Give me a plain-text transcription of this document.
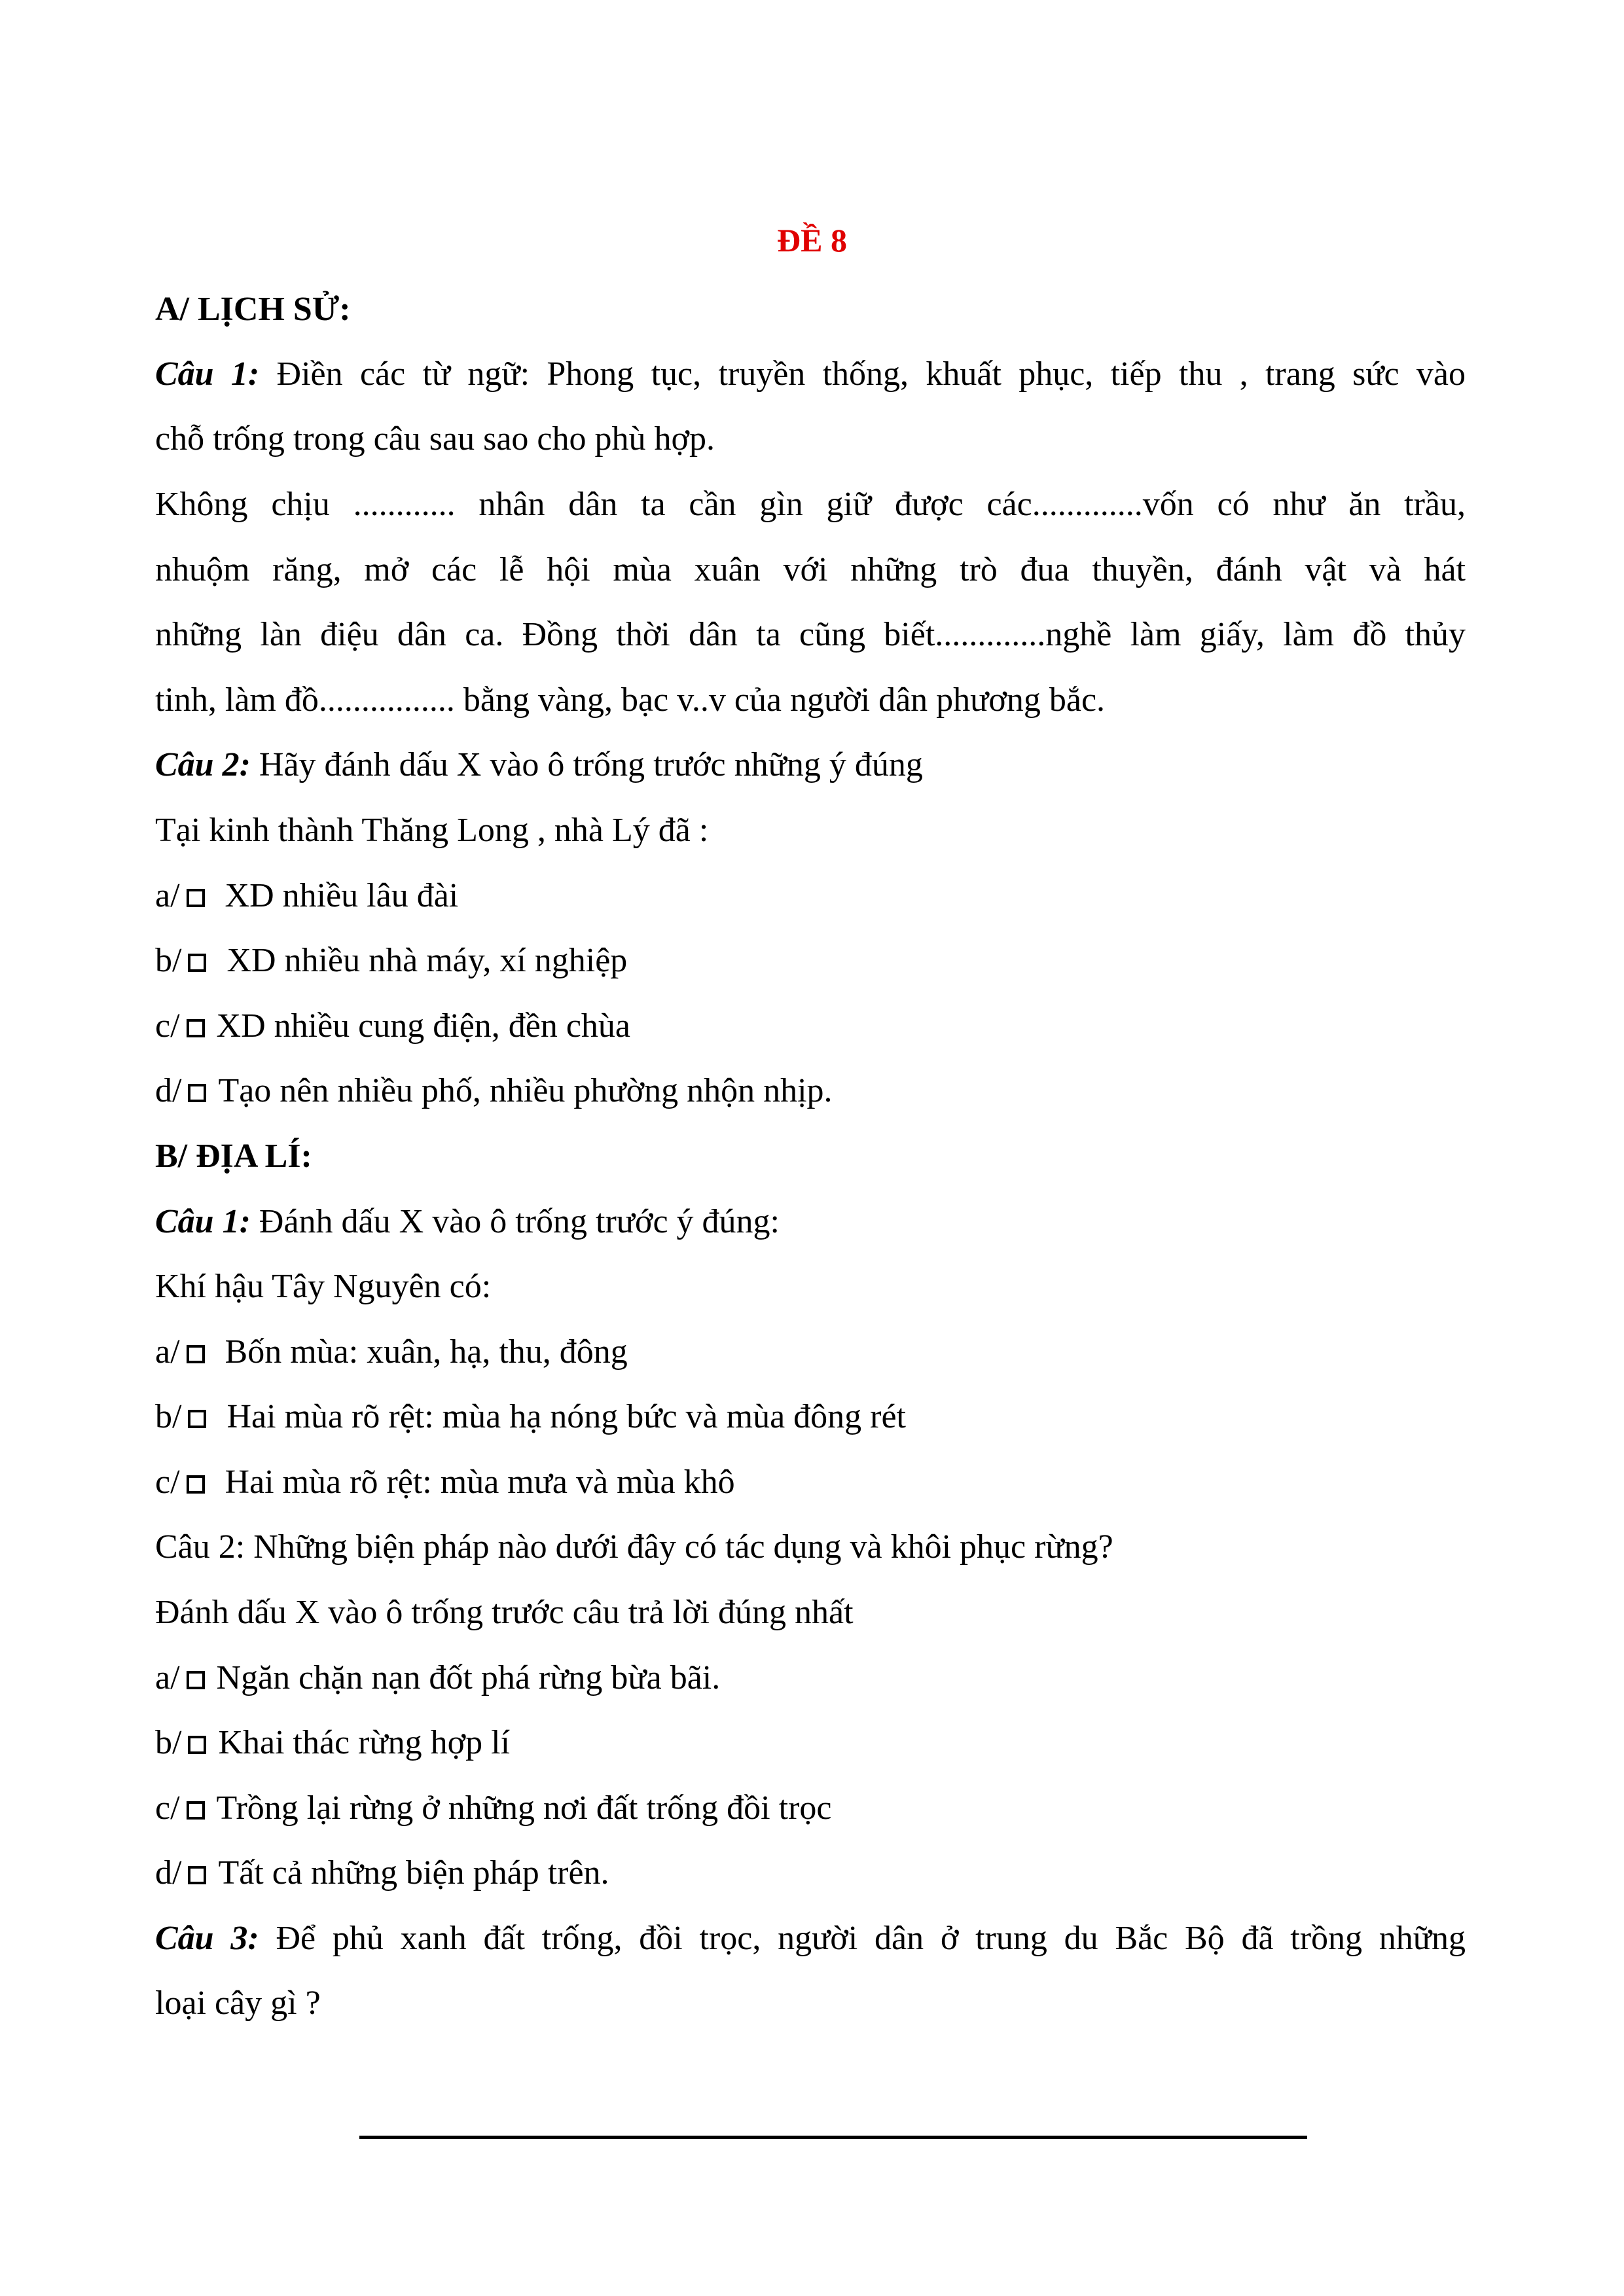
ĐỀ 8
A/ LỊCH SỬ:
Câu 1: Điền các từ ngữ: Phong tục, truyền thống, khuất phục, tiếp thu , trang sức vào
chỗ trống trong câu sau sao cho phù hợp.
Không chịu ............ nhân dân ta cần gìn giữ được các.............vốn có như ăn trầu,
nhuộm răng, mở các lễ hội mùa xuân với những trò đua thuyền, đánh vật và hát
những làn điệu dân ca. Đồng thời dân ta cũng biết.............nghề làm giấy, làm đồ thủy
tinh, làm đồ................ bằng vàng, bạc v..v của người dân phương bắc.
Câu 2: Hãy đánh dấu X vào ô trống trước những ý đúng
Tại kinh thành Thăng Long , nhà Lý đã :
a/ XD nhiều lâu đài
b/ XD nhiều nhà máy, xí nghiệp
c/ XD nhiều cung điện, đền chùa
d/ Tạo nên nhiều phố, nhiều phường nhộn nhịp.
B/ ĐỊA LÍ:
Câu 1: Đánh dấu X vào ô trống trước ý đúng:
Khí hậu Tây Nguyên có:
a/ Bốn mùa: xuân, hạ, thu, đông
b/ Hai mùa rõ rệt: mùa hạ nóng bức và mùa đông rét
c/ Hai mùa rõ rệt: mùa mưa và mùa khô
Câu 2: Những biện pháp nào dưới đây có tác dụng và khôi phục rừng?
Đánh dấu X vào ô trống trước câu trả lời đúng nhất
a/ Ngăn chặn nạn đốt phá rừng bừa bãi.
b/ Khai thác rừng hợp lí
c/ Trồng lại rừng ở những nơi đất trống đồi trọc
d/ Tất cả những biện pháp trên.
Câu 3: Để phủ xanh đất trống, đồi trọc, người dân ở trung du Bắc Bộ đã trồng những
loại cây gì ?
